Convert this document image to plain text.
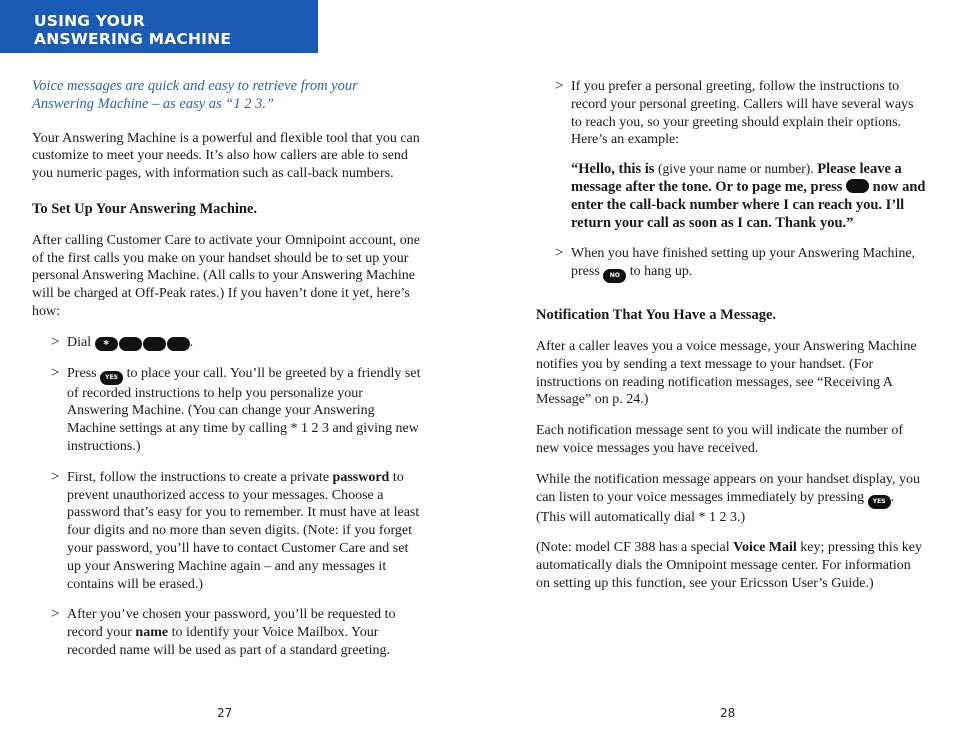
USING YOUR
ANSWERING MACHINE

Voice messages are quick and easy to retrieve from your Answering Machine – as easy as “1 2 3.”

Your Answering Machine is a powerful and flexible tool that you can customize to meet your needs. It’s also how callers are able to send you numeric pages, with information such as call-back numbers.

To Set Up Your Answering Machine.

After calling Customer Care to activate your Omnipoint account, one of the first calls you make on your handset should be to set up your personal Answering Machine. (All calls to your Answering Machine will be charged at Off-Peak rates.) If you haven’t done it yet, here’s how:

> Dial	*	.
> Press YES to place your call. You’ll be greeted by a friendly set of recorded instructions to help you personalize your Answering Machine. (You can change your Answering Machine settings at any time by calling * 1 2 3 and giving new instructions.)
> First, follow the instructions to create a private password to prevent unauthorized access to your messages. Choose a password that’s easy for you to remember. It must have at least four digits and no more than seven digits. (Note: if you forget your password, you’ll have to contact Customer Care and set up your Answering Machine again – and any messages it contains will be erased.)
> After you’ve chosen your password, you’ll be requested to record your name to identify your Voice Mailbox. Your recorded name will be used as part of a standard greeting.
> If you prefer a personal greeting, follow the instructions to record your personal greeting. Callers will have several ways to reach you, so your greeting should explain their options. Here’s an example:
“Hello, this is (give your name or number). Please leave a message after the tone. Or to page me, press now and enter the call-back number where I can reach you. I’ll return your call as soon as I can. Thank you.”
> When you have finished setting up your Answering Machine, press NO to hang up.

Notification That You Have a Message.

After a caller leaves you a voice message, your Answering Machine notifies you by sending a text message to your handset. (For instructions on reading notification messages, see “Receiving A Message” on p. 24.)

Each notification message sent to you will indicate the number of new voice messages you have received.

While the notification message appears on your handset display, you can listen to your voice messages immediately by pressing YES . (This will automatically dial * 1 2 3.)

(Note: model CF 388 has a special Voice Mail key; pressing this key automatically dials the Omnipoint message center. For information on setting up this function, see your Ericsson User’s Guide.)

27	28
